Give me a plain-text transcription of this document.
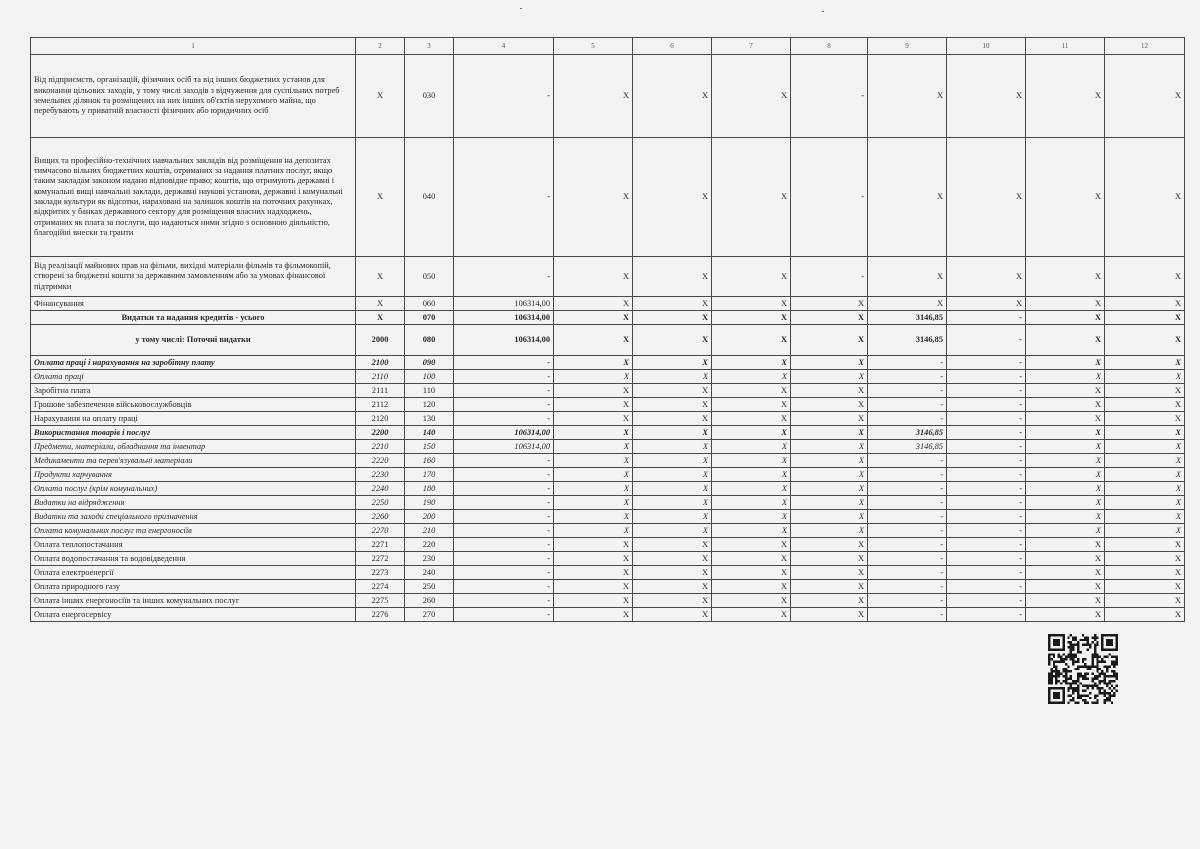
1	2	3	4	5	6	7	8	9	10	11	12
Від підприємств, організацій, фізичних осіб та від інших бюджетних установ для виконання цільових заходів, у тому числі заходів з відчуження для суспільних потреб земельних ділянок та розміщених на них інших об'єктів нерухомого майна, що перебувають у приватній власності фізичних або юридичних осіб	X	030	-	X	X	X	-	X	X	X	X
Вищих та професійно-технічних навчальних закладів від розміщення на депозитах тимчасово вільних бюджетних коштів, отриманих за надання платних послуг, якщо таким закладам законом надано відповідне право; коштів, що отримують державні і комунальні вищі навчальні заклади, державні наукові установи, державні і комунальні заклади культури як відсотки, нараховані на залишок коштів на поточних рахунках, відкритих у банках державного сектору для розміщення власних надходжень, отриманих як плата за послуги, що надаються ними згідно з основною діяльністю, благодійні внески та гранти	X	040	-	X	X	X	-	X	X	X	X
Від реалізації майнових прав на фільми, вихідні матеріали фільмів та фільмокопій, створені за бюджетні кошти за державним замовленням або за умовах фінансової підтримки	X	050	-	X	X	X	-	X	X	X	X
Фінансування	X	060	106314,00	X	X	X	X	X	X	X	X
Видатки та надання кредитів - усього	X	070	106314,00	X	X	X	X	3146,85	-	X	X
у тому числі: Поточні видатки	2000	080	106314,00	X	X	X	X	3146,85	-	X	X
Оплата праці і нарахування на заробітну плату	2100	090	-	X	X	X	X	-	-	X	X
Оплата праці	2110	100	-	X	X	X	X	-	-	X	X
Заробітна плата	2111	110	-	X	X	X	X	-	-	X	X
Грошове забезпечення військовослужбовців	2112	120	-	X	X	X	X	-	-	X	X
Нарахування на оплату праці	2120	130	-	X	X	X	X	-	-	X	X
Використання товарів і послуг	2200	140	106314,00	X	X	X	X	3146,85	-	X	X
Предмети, матеріали, обладнання та інвентар	2210	150	106314,00	X	X	X	X	3146,85	-	X	X
Медикаменти та перев'язувальні матеріали	2220	160	-	X	X	X	X	-	-	X	X
Продукти харчування	2230	170	-	X	X	X	X	-	-	X	X
Оплата послуг (крім комунальних)	2240	180	-	X	X	X	X	-	-	X	X
Видатки на відрядження	2250	190	-	X	X	X	X	-	-	X	X
Видатки та заходи спеціального призначення	2260	200	-	X	X	X	X	-	-	X	X
Оплата комунальних послуг та енергоносіїв	2270	210	-	X	X	X	X	-	-	X	X
Оплата теплопостачання	2271	220	-	X	X	X	X	-	-	X	X
Оплата водопостачання та водовідведення	2272	230	-	X	X	X	X	-	-	X	X
Оплата електроенергії	2273	240	-	X	X	X	X	-	-	X	X
Оплата природного газу	2274	250	-	X	X	X	X	-	-	X	X
Оплата інших енергоносіїв та інших комунальних послуг	2275	260	-	X	X	X	X	-	-	X	X
Оплата енергосервісу	2276	270	-	X	X	X	X	-	-	X	X
